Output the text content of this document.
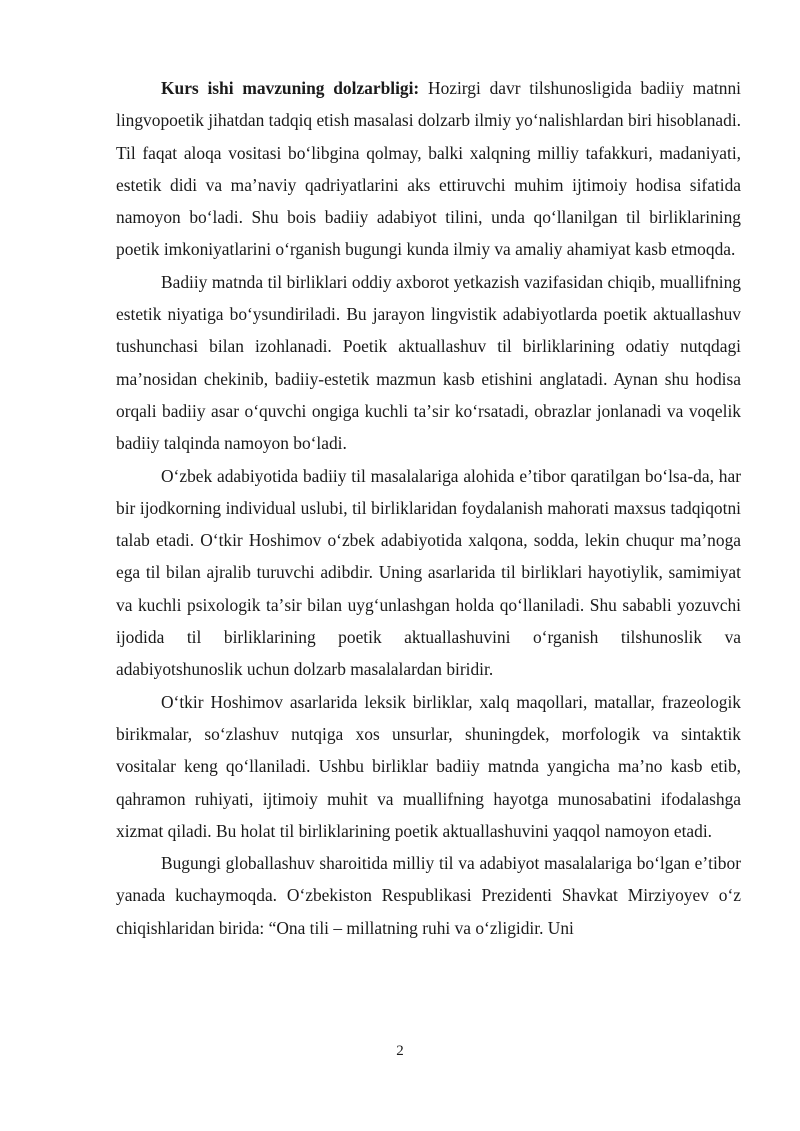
Kurs ishi mavzuning dolzarbligi: Hozirgi davr tilshunosligida badiiy matnni lingvopoetik jihatdan tadqiq etish masalasi dolzarb ilmiy yoʻnalishlardan biri hisoblanadi. Til faqat aloqa vositasi boʻlibgina qolmay, balki xalqning milliy tafakkuri, madaniyati, estetik didi va maʼnaviy qadriyatlarini aks ettiruvchi muhim ijtimoiy hodisa sifatida namoyon boʻladi. Shu bois badiiy adabiyot tilini, unda qoʻllanilgan til birliklarining poetik imkoniyatlarini oʻrganish bugungi kunda ilmiy va amaliy ahamiyat kasb etmoqda.

Badiiy matnda til birliklari oddiy axborot yetkazish vazifasidan chiqib, muallifning estetik niyatiga boʻysundiriladi. Bu jarayon lingvistik adabiyotlarda poetik aktuallashuv tushunchasi bilan izohlanadi. Poetik aktuallashuv til birliklarining odatiy nutqdagi maʼnosidan chekinib, badiiy-estetik mazmun kasb etishini anglatadi. Aynan shu hodisa orqali badiiy asar oʻquvchi ongiga kuchli taʼsir koʻrsatadi, obrazlar jonlanadi va voqelik badiiy talqinda namoyon boʻladi.

Oʻzbek adabiyotida badiiy til masalalariga alohida eʼtibor qaratilgan boʻlsa-da, har bir ijodkorning individual uslubi, til birliklaridan foydalanish mahorati maxsus tadqiqotni talab etadi. Oʻtkir Hoshimov oʻzbek adabiyotida xalqona, sodda, lekin chuqur maʼnoga ega til bilan ajralib turuvchi adibdir. Uning asarlarida til birliklari hayotiylik, samimiyat va kuchli psixologik taʼsir bilan uygʻunlashgan holda qoʻllaniladi. Shu sababli yozuvchi ijodida til birliklarining poetik aktuallashuvini oʻrganish tilshunoslik va adabiyotshunoslik uchun dolzarb masalalardan biridir.

Oʻtkir Hoshimov asarlarida leksik birliklar, xalq maqollari, matallar, frazeologik birikmalar, soʻzlashuv nutqiga xos unsurlar, shuningdek, morfologik va sintaktik vositalar keng qoʻllaniladi. Ushbu birliklar badiiy matnda yangicha maʼno kasb etib, qahramon ruhiyati, ijtimoiy muhit va muallifning hayotga munosabatini ifodalashga xizmat qiladi. Bu holat til birliklarining poetik aktuallashuvini yaqqol namoyon etadi.

Bugungi globallashuv sharoitida milliy til va adabiyot masalalariga boʻlgan eʼtibor yanada kuchaymoqda. Oʻzbekiston Respublikasi Prezidenti Shavkat Mirziyoyev oʻz chiqishlaridan birida: “Ona tili – millatning ruhi va oʻzligidir. Uni

2
